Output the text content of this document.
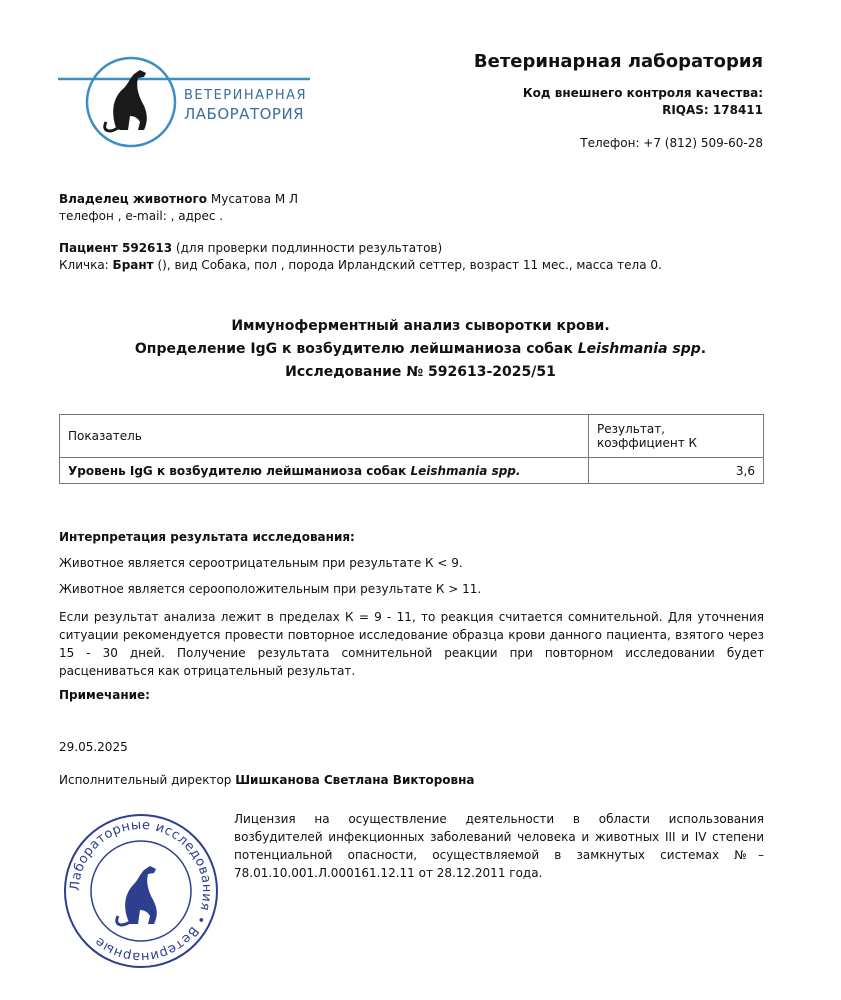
ВЕТЕРИНАРНАЯ
ЛАБОРАТОРИЯ
Ветеринарная лаборатория
Код внешнего контроля качества:
RIQAS: 178411
Телефон: +7 (812) 509-60-28
Владелец животного Мусатова М Л
телефон , e-mail: , адрес .
Пациент 592613 (для проверки подлинности результатов)
Кличка: Брант (), вид Собака, пол , порода Ирландский сеттер, возраст 11 мес., масса тела 0.
Иммуноферментный анализ сыворотки крови.
Определение IgG к возбудителю лейшманиоза собак Leishmania spp.
Исследование № 592613-2025/51
Показатель	Результат, коэффициент К
Уровень IgG к возбудителю лейшманиоза собак Leishmania spp.	3,6
Интерпретация результата исследования:
Животное является сероотрицательным при результате К < 9.
Животное является серооположительным при результате К > 11.
Если результат анализа лежит в пределах К = 9 - 11, то реакция считается сомнительной. Для уточнения ситуации рекомендуется провести повторное исследование образца крови данного пациента, взятого через 15 - 30 дней. Получение результата сомнительной реакции при повторном исследовании будет расцениваться как отрицательный результат.
Примечание:
29.05.2025
Исполнительный директор Шишканова Светлана Викторовна
Лабораторные исследования • Ветеринарные
Лицензия на осуществление деятельности в области использования возбудителей инфекционных заболеваний человека и животных III и IV степени потенциальной опасности, осуществляемой в замкнутых системах №– 78.01.10.001.Л.000161.12.11 от 28.12.2011 года.
